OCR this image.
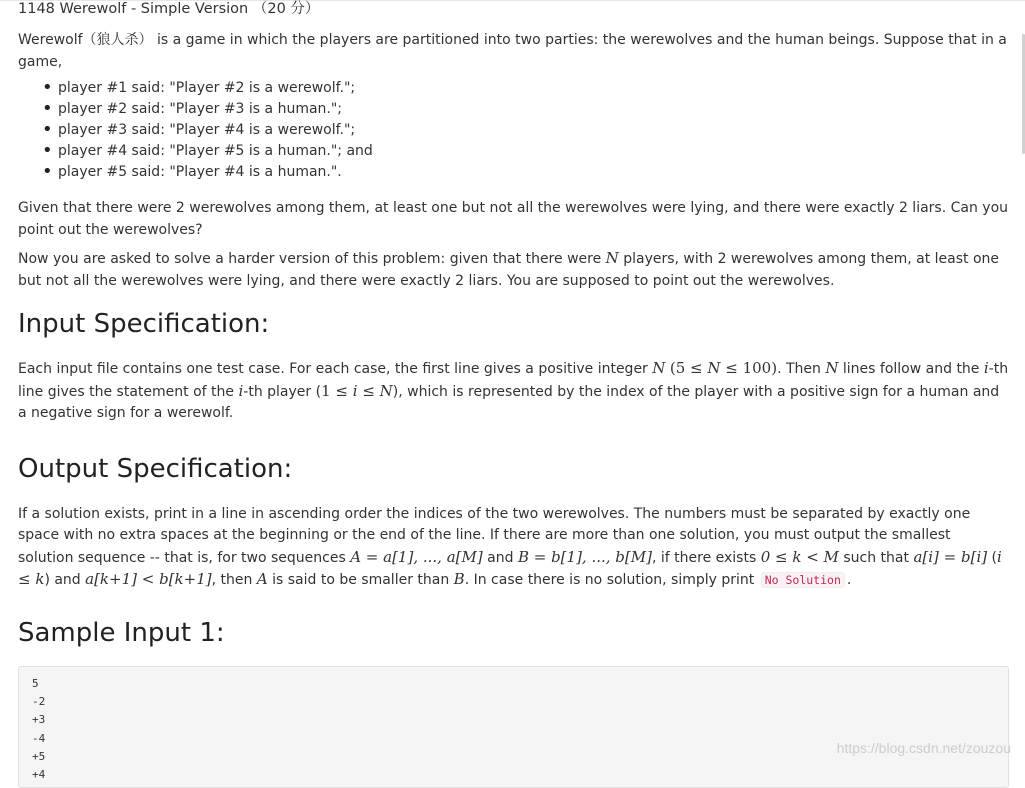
1148 Werewolf - Simple Version （20 分）

Werewolf（狼人杀） is a game in which the players are partitioned into two parties: the werewolves and the human beings. Suppose that in a game,

• player #1 said: "Player #2 is a werewolf.";
• player #2 said: "Player #3 is a human.";
• player #3 said: "Player #4 is a werewolf.";
• player #4 said: "Player #5 is a human."; and
• player #5 said: "Player #4 is a human.".

Given that there were 2 werewolves among them, at least one but not all the werewolves were lying, and there were exactly 2 liars. Can you point out the werewolves?

Now you are asked to solve a harder version of this problem: given that there were N players, with 2 werewolves among them, at least one but not all the werewolves were lying, and there were exactly 2 liars. You are supposed to point out the werewolves.

Input Specification:

Each input file contains one test case. For each case, the first line gives a positive integer N (5 ≤ N ≤ 100). Then N lines follow and the i-th line gives the statement of the i-th player (1 ≤ i ≤ N), which is represented by the index of the player with a positive sign for a human and a negative sign for a werewolf.

Output Specification:

If a solution exists, print in a line in ascending order the indices of the two werewolves. The numbers must be separated by exactly one space with no extra spaces at the beginning or the end of the line. If there are more than one solution, you must output the smallest solution sequence -- that is, for two sequences A = a[1], ..., a[M] and B = b[1], ..., b[M], if there exists 0 ≤ k < M such that a[i] = b[i] (i ≤ k) and a[k+1] < b[k+1], then A is said to be smaller than B. In case there is no solution, simply print No Solution .

Sample Input 1:
5
-2
+3
-4
+5
+4
https://blog.csdn.net/zouzou
